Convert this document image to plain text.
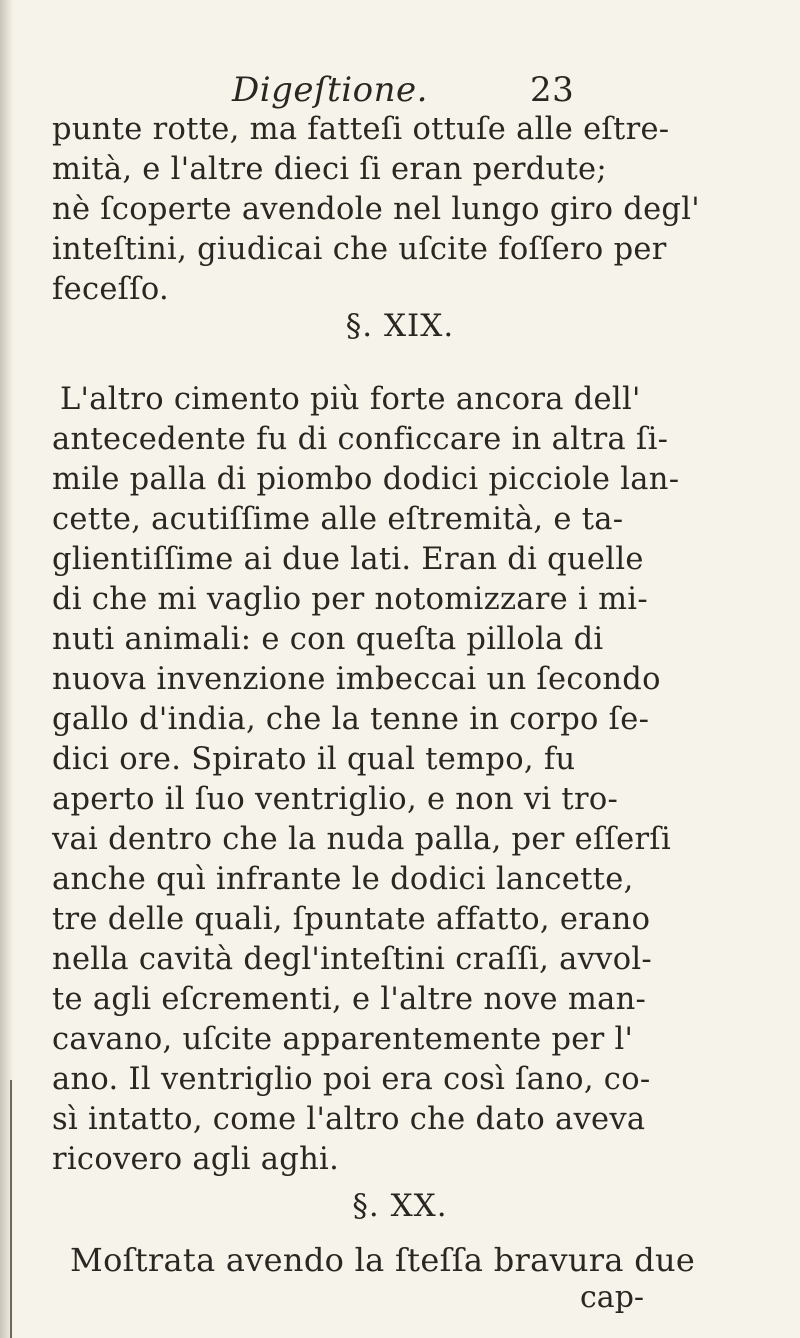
Digeſtione.	23
punte rotte, ma fatteſi ottuſe alle eſtre-
mità, e l'altre dieci ſi eran perdute;
nè ſcoperte avendole nel lungo giro degl'
inteſtini, giudicai che uſcite foſſero per
feceſſo.
§. XIX.
L'altro cimento più forte ancora dell'
antecedente fu di conficcare in altra ſi-
mile palla di piombo dodici picciole lan-
cette, acutiſſime alle eſtremità, e ta-
glientiſſime ai due lati. Eran di quelle
di che mi vaglio per notomizzare i mi-
nuti animali: e con queſta pillola di
nuova invenzione imbeccai un ſecondo
gallo d'india, che la tenne in corpo ſe-
dici ore. Spirato il qual tempo, fu
aperto il ſuo ventriglio, e non vi tro-
vai dentro che la nuda palla, per eſſerſi
anche quì infrante le dodici lancette,
tre delle quali, ſpuntate affatto, erano
nella cavità degl'inteſtini craſſi, avvol-
te agli eſcrementi, e l'altre nove man-
cavano, uſcite apparentemente per l'
ano. Il ventriglio poi era così ſano, co-
sì intatto, come l'altro che dato aveva
ricovero agli aghi.
§. XX.
Moſtrata avendo la ſteſſa bravura due
cap-
